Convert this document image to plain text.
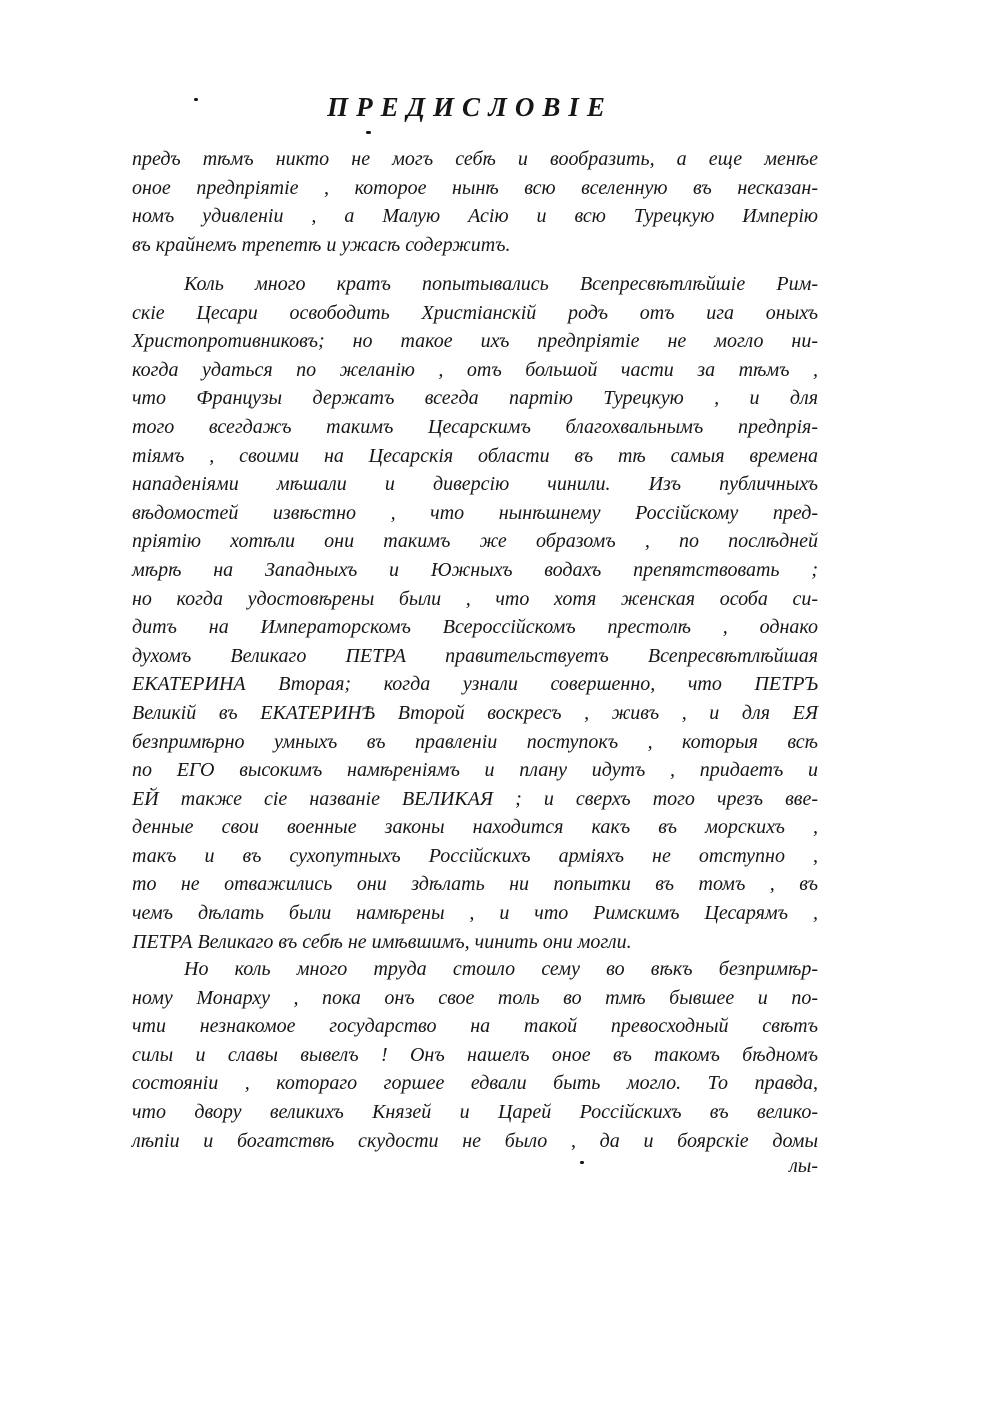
ПРЕДИСЛОВІЕ
предъ тѣмъ никто не могъ себѣ и вообразить, а еще менѣе
оное предпріятіе , которое нынѣ всю вселенную въ несказан-
номъ удивленіи , а Малую Асію и всю Турецкую Имперію
въ крайнемъ трепетѣ и ужасѣ содержитъ.
Коль много кратъ попытывались Всепресвѣтлѣйшіе Рим-
скіе Цесари освободить Христіанскій родъ отъ ига оныхъ
Христопротивниковъ; но такое ихъ предпріятіе не могло ни-
когда удаться по желанію , отъ большой части за тѣмъ ,
что Французы держатъ всегда партію Турецкую , и для
того всегдажъ такимъ Цесарскимъ благохвальнымъ предпрія-
тіямъ , своими на Цесарскія области въ тѣ самыя времена
нападеніями мѣшали и диверсію чинили. Изъ публичныхъ
вѣдомостей извѣстно , что нынѣшнему Россійскому пред-
пріятію хотѣли они такимъ же образомъ , по послѣдней
мѣрѣ на Западныхъ и Южныхъ водахъ препятствовать ;
но когда удостовѣрены были , что хотя женская особа си-
дитъ на Императорскомъ Всероссійскомъ престолѣ , однако
духомъ Великаго ПЕТРА правительствуетъ Всепресвѣтлѣйшая
ЕКАТЕРИНА Вторая; когда узнали совершенно, что ПЕТРЪ
Великій въ ЕКАТЕРИНѢ Второй воскресъ , живъ , и для ЕЯ
безпримѣрно умныхъ въ правленіи поступокъ , которыя всѣ
по ЕГО высокимъ намѣреніямъ и плану идутъ , придаетъ и
ЕЙ также сіе названіе ВЕЛИКАЯ ; и сверхъ того чрезъ вве-
денные свои военные законы находится какъ въ морскихъ ,
такъ и въ сухопутныхъ Россійскихъ арміяхъ не отступно ,
то не отважились они здѣлать ни попытки въ томъ , въ
чемъ дѣлать были намѣрены , и что Римскимъ Цесарямъ ,
ПЕТРА Великаго въ себѣ не имѣвшимъ, чинить они могли.
Но коль много труда стоило сему во вѣкъ безпримѣр-
ному Монарху , пока онъ свое толь во тмѣ бывшее и по-
чти незнакомое государство на такой превосходный свѣтъ
силы и славы вывелъ ! Онъ нашелъ оное въ такомъ бѣдномъ
состояніи , котораго горшее едвали быть могло. То правда,
что двору великихъ Князей и Царей Россійскихъ въ велико-
лѣпіи и богатствѣ скудости не было , да и боярскіе домы
лы-
